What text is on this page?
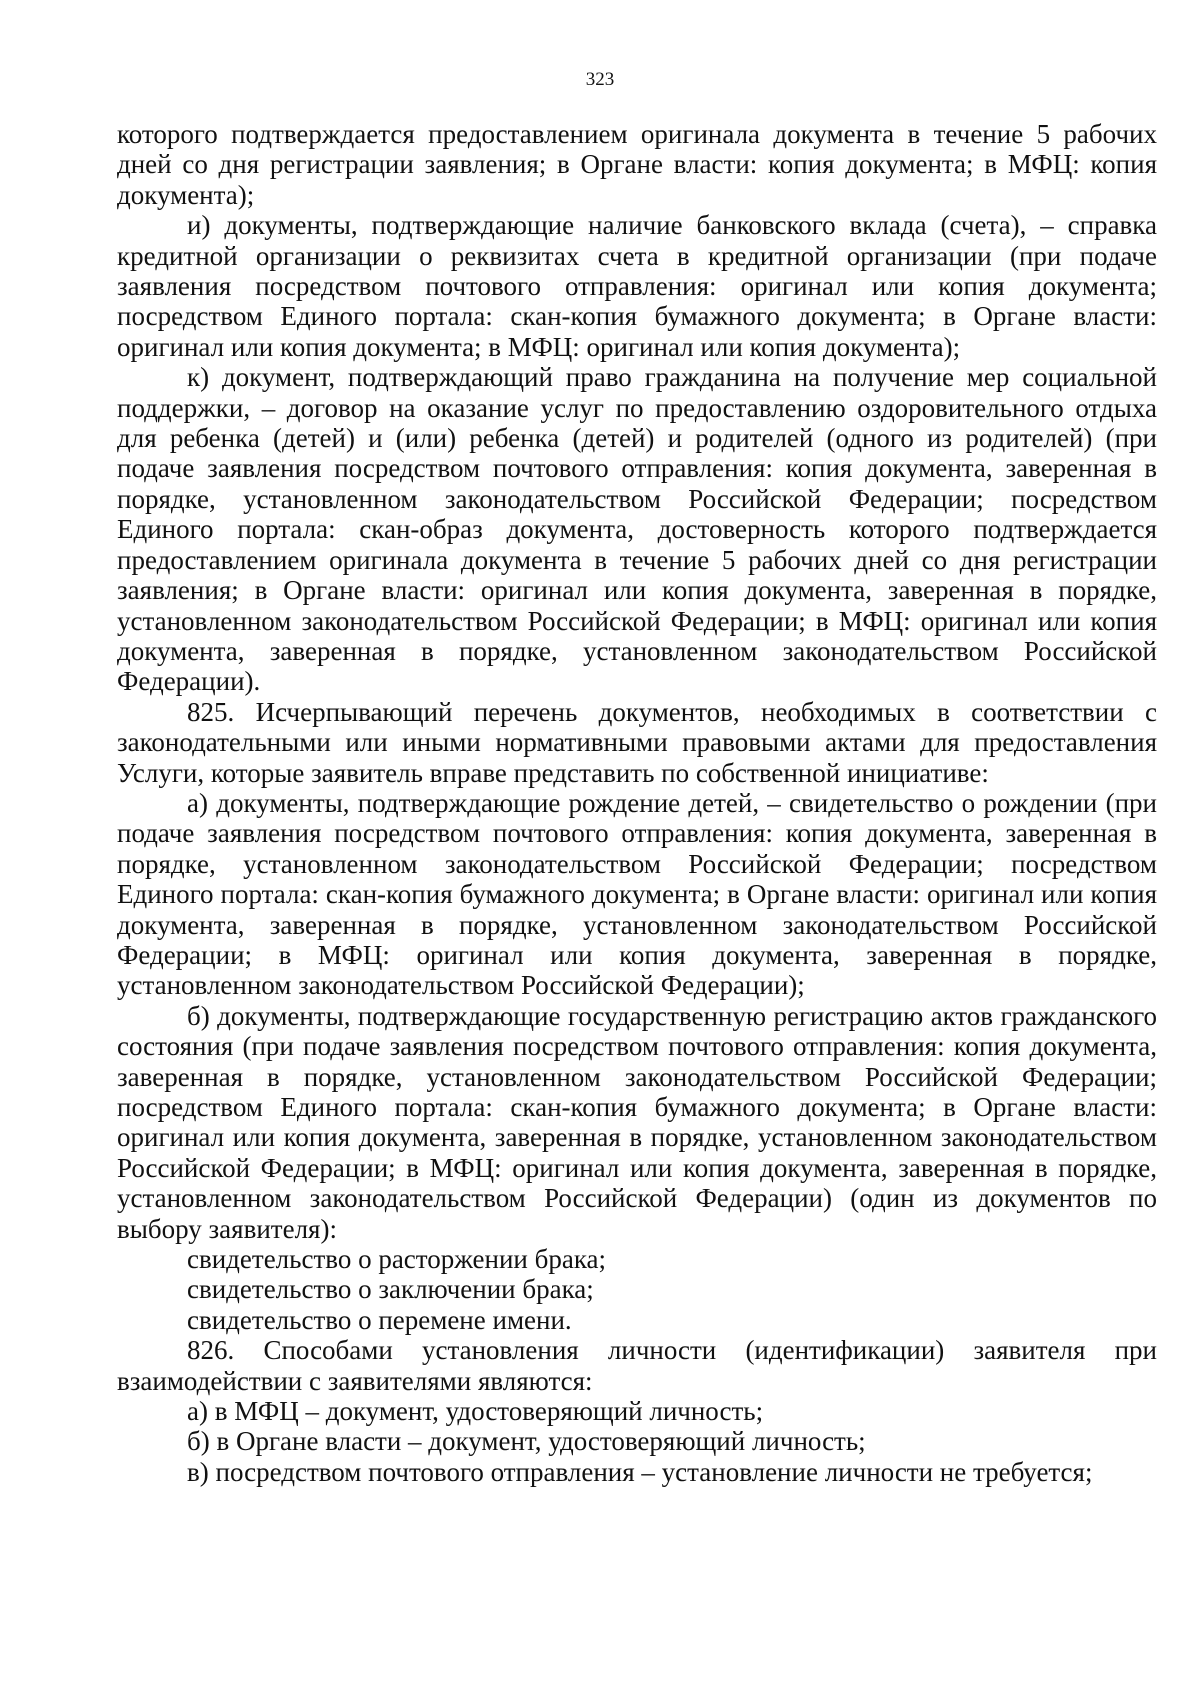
323

которого подтверждается предоставлением оригинала документа в течение 5 рабочих дней со дня регистрации заявления; в Органе власти: копия документа; в МФЦ: копия документа);

и) документы, подтверждающие наличие банковского вклада (счета), – справка кредитной организации о реквизитах счета в кредитной организации (при подаче заявления посредством почтового отправления: оригинал или копия документа; посредством Единого портала: скан-копия бумажного документа; в Органе власти: оригинал или копия документа; в МФЦ: оригинал или копия документа);

к) документ, подтверждающий право гражданина на получение мер социальной поддержки, – договор на оказание услуг по предоставлению оздоровительного отдыха для ребенка (детей) и (или) ребенка (детей) и родителей (одного из родителей) (при подаче заявления посредством почтового отправления: копия документа, заверенная в порядке, установленном законодательством Российской Федерации; посредством Единого портала: скан-образ документа, достоверность которого подтверждается предоставлением оригинала документа в течение 5 рабочих дней со дня регистрации заявления; в Органе власти: оригинал или копия документа, заверенная в порядке, установленном законодательством Российской Федерации; в МФЦ: оригинал или копия документа, заверенная в порядке, установленном законодательством Российской Федерации).

825. Исчерпывающий перечень документов, необходимых в соответствии с законодательными или иными нормативными правовыми актами для предоставления Услуги, которые заявитель вправе представить по собственной инициативе:

а) документы, подтверждающие рождение детей, – свидетельство о рождении (при подаче заявления посредством почтового отправления: копия документа, заверенная в порядке, установленном законодательством Российской Федерации; посредством Единого портала: скан-копия бумажного документа; в Органе власти: оригинал или копия документа, заверенная в порядке, установленном законодательством Российской Федерации; в МФЦ: оригинал или копия документа, заверенная в порядке, установленном законодательством Российской Федерации);

б) документы, подтверждающие государственную регистрацию актов гражданского состояния (при подаче заявления посредством почтового отправления: копия документа, заверенная в порядке, установленном законодательством Российской Федерации; посредством Единого портала: скан-копия бумажного документа; в Органе власти: оригинал или копия документа, заверенная в порядке, установленном законодательством Российской Федерации; в МФЦ: оригинал или копия документа, заверенная в порядке, установленном законодательством Российской Федерации) (один из документов по выбору заявителя):

свидетельство о расторжении брака;

свидетельство о заключении брака;

свидетельство о перемене имени.

826. Способами установления личности (идентификации) заявителя при взаимодействии с заявителями являются:

а) в МФЦ – документ, удостоверяющий личность;

б) в Органе власти – документ, удостоверяющий личность;

в) посредством почтового отправления – установление личности не требуется;
